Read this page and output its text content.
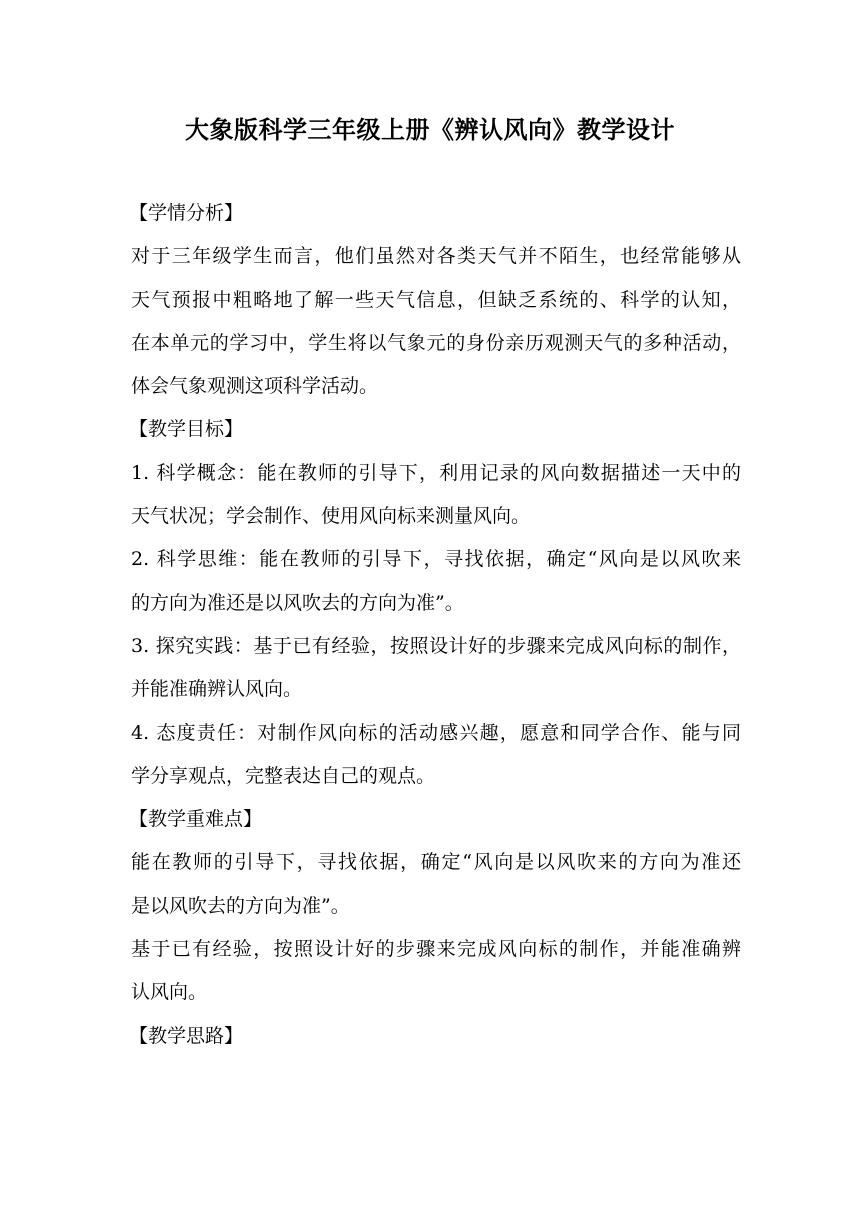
大象版科学三年级上册《辨认风向》教学设计
【学情分析】
对于三年级学生而言，他们虽然对各类天气并不陌生，也经常能够从
天气预报中粗略地了解一些天气信息，但缺乏系统的、科学的认知，
在本单元的学习中，学生将以气象元的身份亲历观测天气的多种活动，
体会气象观测这项科学活动。
【教学目标】
1. 科学概念：能在教师的引导下，利用记录的风向数据描述一天中的
天气状况；学会制作、使用风向标来测量风向。
2. 科学思维：能在教师的引导下，寻找依据，确定“风向是以风吹来
的方向为准还是以风吹去的方向为准”。
3. 探究实践：基于已有经验，按照设计好的步骤来完成风向标的制作，
并能准确辨认风向。
4. 态度责任：对制作风向标的活动感兴趣，愿意和同学合作、能与同
学分享观点，完整表达自己的观点。
【教学重难点】
能在教师的引导下，寻找依据，确定“风向是以风吹来的方向为准还
是以风吹去的方向为准”。
基于已有经验，按照设计好的步骤来完成风向标的制作，并能准确辨
认风向。
【教学思路】
